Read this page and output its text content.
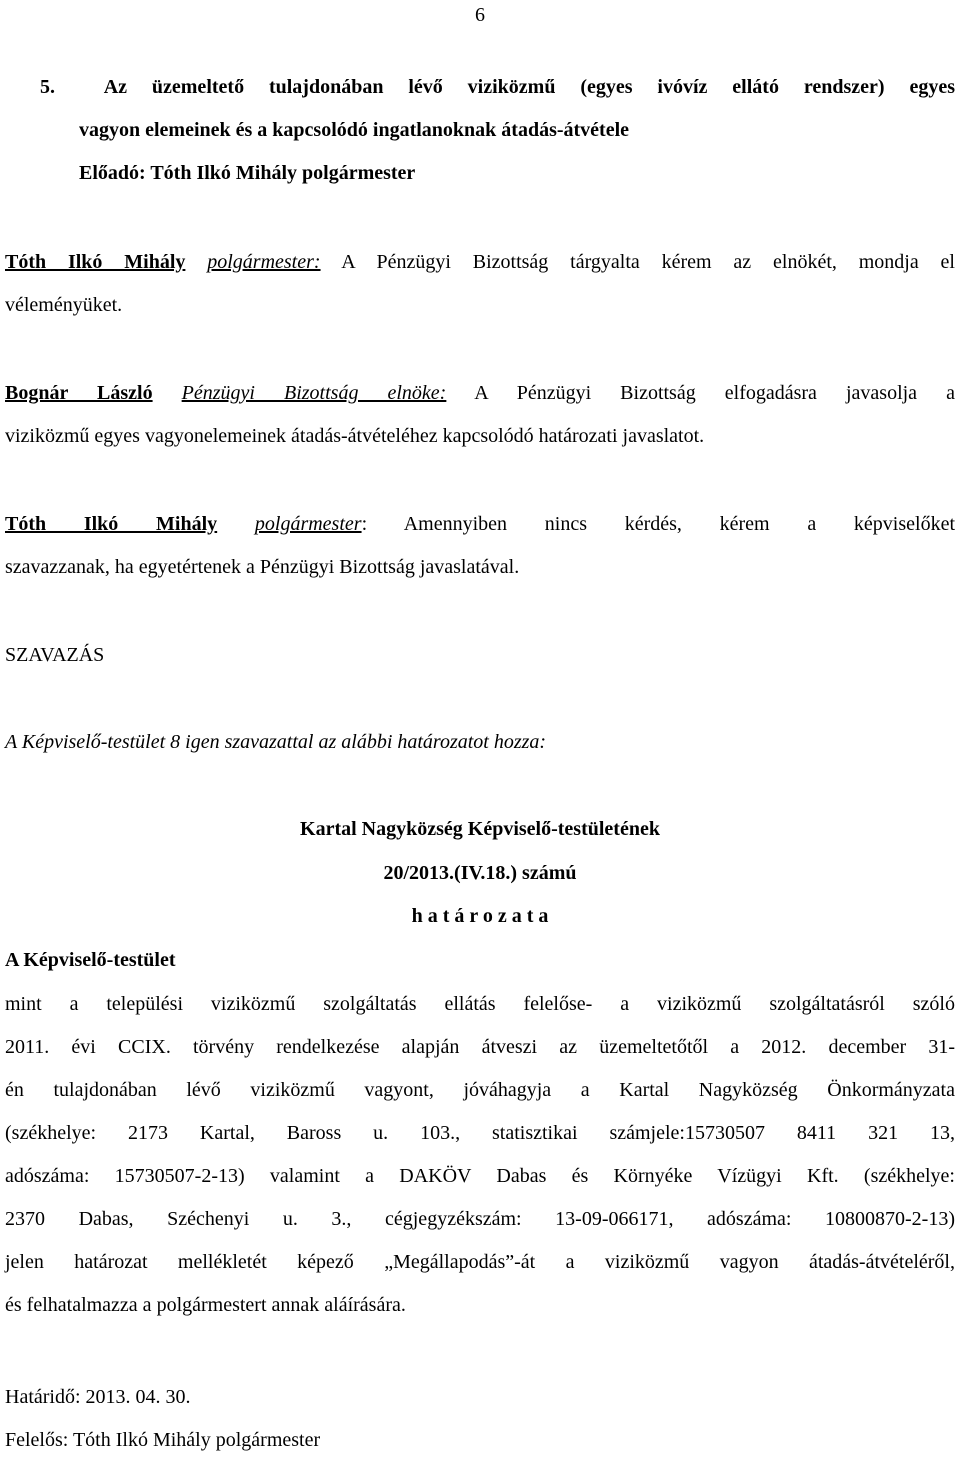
6
5. Az üzemeltető tulajdonában lévő viziközmű (egyes ivóvíz ellátó rendszer) egyes
vagyon elemeinek és a kapcsolódó ingatlanoknak átadás-átvétele
Előadó: Tóth Ilkó Mihály polgármester
Tóth Ilkó Mihály polgármester: A Pénzügyi Bizottság tárgyalta kérem az elnökét, mondja el
véleményüket.
Bognár László Pénzügyi Bizottság elnöke: A Pénzügyi Bizottság elfogadásra javasolja a
viziközmű egyes vagyonelemeinek átadás-átvételéhez kapcsolódó határozati javaslatot.
Tóth Ilkó Mihály polgármester: Amennyiben nincs kérdés, kérem a képviselőket
szavazzanak, ha egyetértenek a Pénzügyi Bizottság javaslatával.
SZAVAZÁS
A Képviselő-testület 8 igen szavazattal az alábbi határozatot hozza:
Kartal Nagyközség Képviselő-testületének
20/2013.(IV.18.) számú
h a t á r o z a t a
A Képviselő-testület
mint a települési viziközmű szolgáltatás ellátás felelőse- a viziközmű szolgáltatásról szóló
2011. évi CCIX. törvény rendelkezése alapján átveszi az üzemeltetőtől a 2012. december 31-
én tulajdonában lévő viziközmű vagyont, jóváhagyja a Kartal Nagyközség Önkormányzata
(székhelye: 2173 Kartal, Baross u. 103., statisztikai számjele:15730507 8411 321 13,
adószáma: 15730507-2-13) valamint a DAKÖV Dabas és Környéke Vízügyi Kft. (székhelye:
2370 Dabas, Széchenyi u. 3., cégjegyzékszám: 13-09-066171, adószáma: 10800870-2-13)
jelen határozat mellékletét képező „Megállapodás”-át a viziközmű vagyon átadás-átvételéről,
és felhatalmazza a polgármestert annak aláírására.
Határidő: 2013. 04. 30.
Felelős: Tóth Ilkó Mihály polgármester
